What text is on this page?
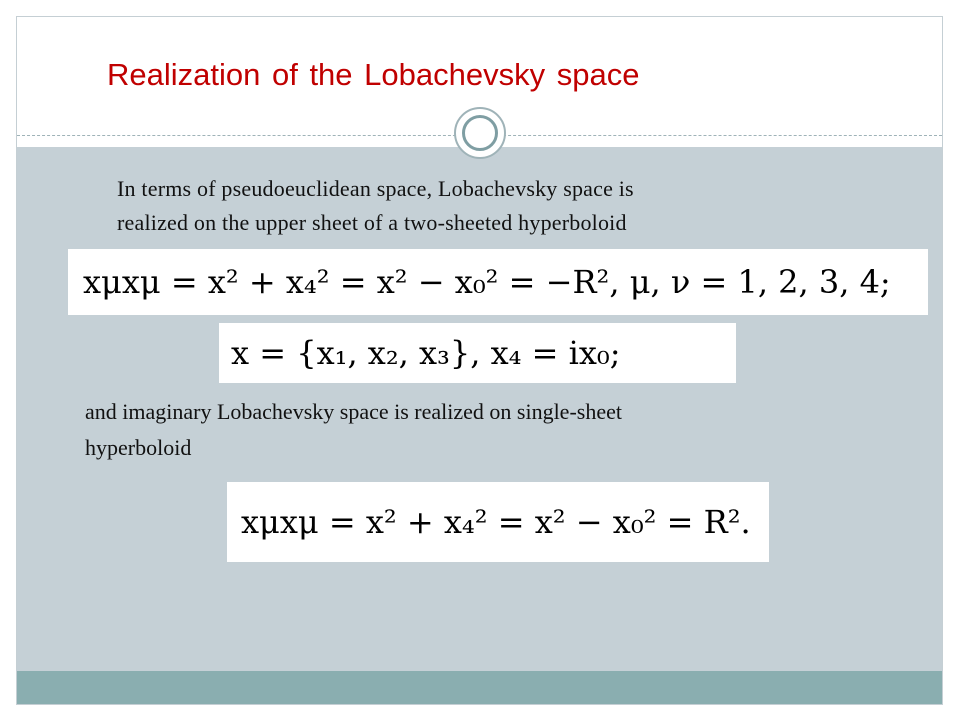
Realization of the Lobachevsky space

In terms of pseudoeuclidean space, Lobachevsky space is
realized on the upper sheet of a two-sheeted hyperboloid

xμxμ = x² + x₄² = x² − x₀² = −R², μ, ν = 1, 2, 3, 4;
x = {x₁, x₂, x₃}, x₄ = ix₀;

and imaginary Lobachevsky space is realized on single-sheet
hyperboloid

xμxμ = x² + x₄² = x² − x₀² = R².
